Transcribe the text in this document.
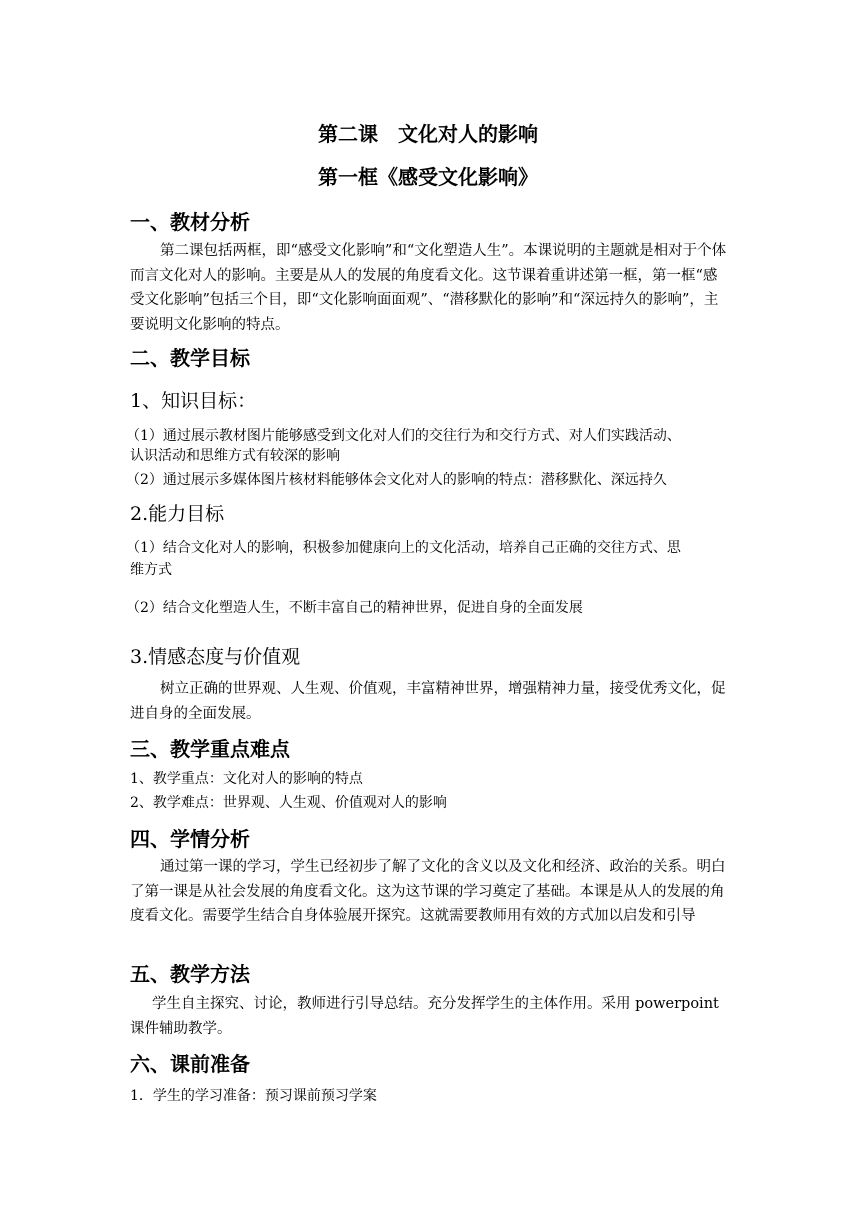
第二课　文化对人的影响
第一框《感受文化影响》
一、教材分析
第二课包括两框，即“感受文化影响”和“文化塑造人生”。本课说明的主题就是相对于个体而言文化对人的影响。主要是从人的发展的角度看文化。这节课着重讲述第一框，第一框“感受文化影响”包括三个目，即“文化影响面面观”、“潜移默化的影响”和“深远持久的影响”，主要说明文化影响的特点。
二、教学目标
1、知识目标：
（1）通过展示教材图片能够感受到文化对人们的交往行为和交行方式、对人们实践活动、
认识活动和思维方式有较深的影响
（2）通过展示多媒体图片核材料能够体会文化对人的影响的特点：潜移默化、深远持久
2.能力目标
（1）结合文化对人的影响，积极参加健康向上的文化活动，培养自己正确的交往方式、思
维方式
（2）结合文化塑造人生，不断丰富自己的精神世界，促进自身的全面发展
3.情感态度与价值观
树立正确的世界观、人生观、价值观，丰富精神世界，增强精神力量，接受优秀文化，促进自身的全面发展。
三、教学重点难点
1、教学重点：文化对人的影响的特点
2、教学难点：世界观、人生观、价值观对人的影响
四、学情分析
通过第一课的学习，学生已经初步了解了文化的含义以及文化和经济、政治的关系。明白了第一课是从社会发展的角度看文化。这为这节课的学习奠定了基础。本课是从人的发展的角度看文化。需要学生结合自身体验展开探究。这就需要教师用有效的方式加以启发和引导
五、教学方法
学生自主探究、讨论，教师进行引导总结。充分发挥学生的主体作用。采用 powerpoint 课件辅助教学。
六、课前准备
1．学生的学习准备：预习课前预习学案
